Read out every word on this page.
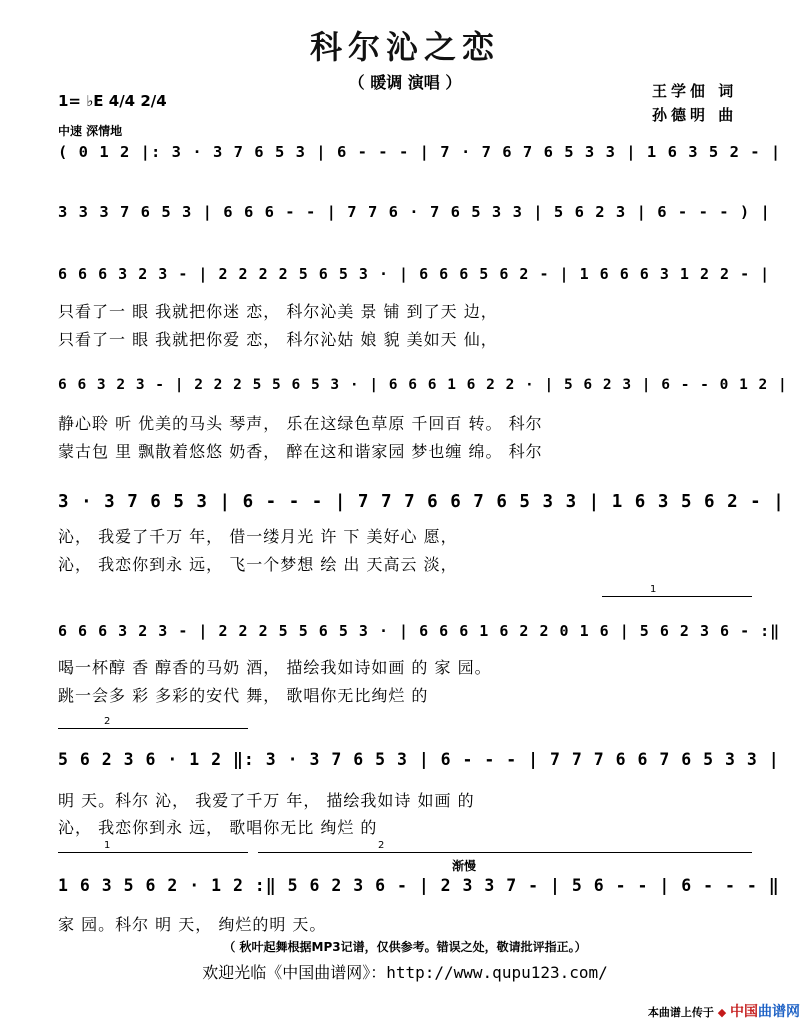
科尔沁之恋
（ 暖调 演唱 ）	王学佃 词
孙德明 曲
1= ♭E 4/4 2/4
中速 深情地
( 0 1 2 |: 3 · 3 7 6 5 3 | 6 - - - | 7 · 7 6 7 6 5 3 3 | 1 6 3 5 2 - |
3 3 3 7 6 5 3 | 6 6 6 - - | 7 7 6 · 7 6 5 3 3 | 5 6 2 3 | 6 - - - ) |
6 6 6 3 2 3 - | 2 2 2 2 5 6 5 3 · | 6 6 6 5 6 2 - | 1 6 6 6 3 1 2 2 - |
只看了一 眼 我就把你迷 恋， 科尔沁美 景 铺 到了天 边，
只看了一 眼 我就把你爱 恋， 科尔沁姑 娘 貌 美如天 仙，
6 6 3 2 3 - | 2 2 2 5 5 6 5 3 · | 6 6 6 1 6 2 2 · | 5 6 2 3 | 6 - - 0 1 2 |
静心聆 听 优美的马头 琴声， 乐在这绿色草原 千回百 转。 科尔
蒙古包 里 飘散着悠悠 奶香， 醉在这和谐家园 梦也缠 绵。 科尔
3 · 3 7 6 5 3 | 6 - - - | 7 7 7 6 6 7 6 5 3 3 | 1 6 3 5 6 2 - |
沁， 我爱了千万 年， 借一缕月光 许 下 美好心 愿，
沁， 我恋你到永 远， 飞一个梦想 绘 出 天高云 淡，
1
6 6 6 3 2 3 - | 2 2 2 5 5 6 5 3 · | 6 6 6 1 6 2 2 0 1 6 | 5 6 2 3 6 - :‖
喝一杯醇 香 醇香的马奶 酒， 描绘我如诗如画 的 家 园。
跳一会多 彩 多彩的安代 舞， 歌唱你无比绚烂 的
2
5 6 2 3 6 · 1 2 ‖: 3 · 3 7 6 5 3 | 6 - - - | 7 7 7 6 6 7 6 5 3 3 |
明 天。科尔 沁， 我爱了千万 年， 描绘我如诗 如画 的
沁， 我恋你到永 远， 歌唱你无比 绚烂 的
1	2
渐慢
1 6 3 5 6 2 · 1 2 :‖ 5 6 2 3 6 - | 2 3 3 7 - | 5 6 - - | 6 - - - ‖
家 园。科尔 明 天， 绚烂的明 天。
（ 秋叶起舞根据MP3记谱，仅供参考。错误之处，敬请批评指正。）
欢迎光临《中国曲谱网》：http://www.qupu123.com/
本曲谱上传于 ◆ 中国曲谱网
